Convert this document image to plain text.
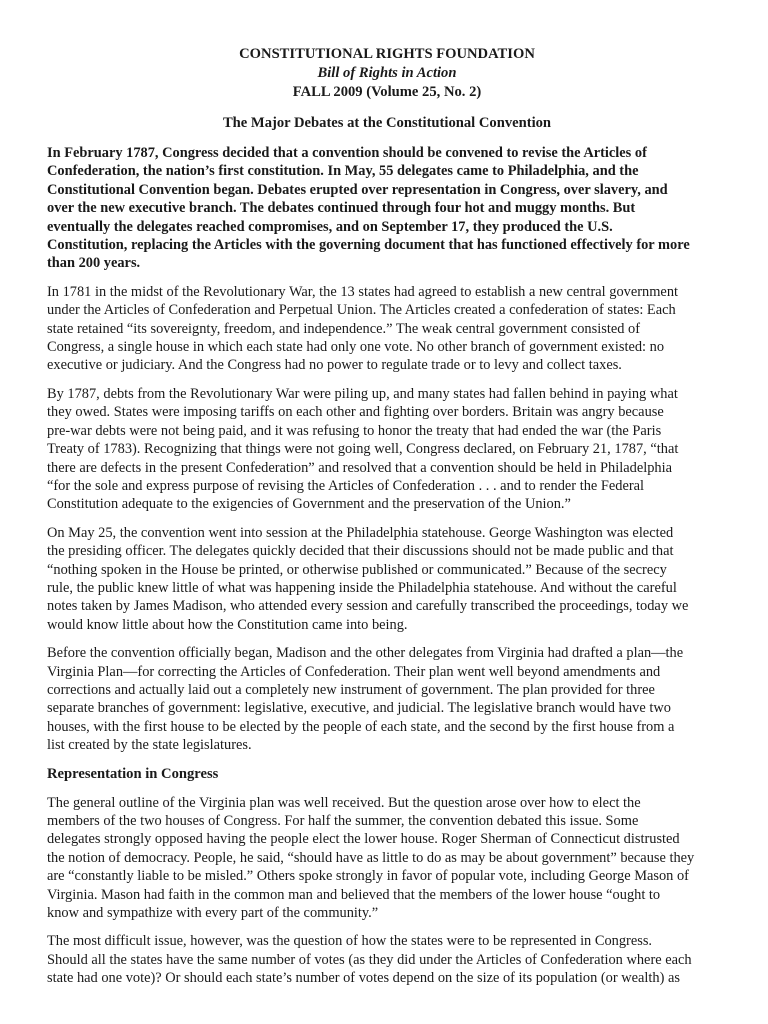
CONSTITUTIONAL RIGHTS FOUNDATION
Bill of Rights in Action
FALL 2009 (Volume 25, No. 2)
The Major Debates at the Constitutional Convention
In February 1787, Congress decided that a convention should be convened to revise the Articles of
Confederation, the nation’s first constitution. In May, 55 delegates came to Philadelphia, and the
Constitutional Convention began. Debates erupted over representation in Congress, over slavery, and
over the new executive branch. The debates continued through four hot and muggy months. But
eventually the delegates reached compromises, and on September 17, they produced the U.S.
Constitution, replacing the Articles with the governing document that has functioned effectively for more
than 200 years.

In 1781 in the midst of the Revolutionary War, the 13 states had agreed to establish a new central government
under the Articles of Confederation and Perpetual Union. The Articles created a confederation of states: Each
state retained “its sovereignty, freedom, and independence.” The weak central government consisted of
Congress, a single house in which each state had only one vote. No other branch of government existed: no
executive or judiciary. And the Congress had no power to regulate trade or to levy and collect taxes.

By 1787, debts from the Revolutionary War were piling up, and many states had fallen behind in paying what
they owed. States were imposing tariffs on each other and fighting over borders. Britain was angry because
pre-war debts were not being paid, and it was refusing to honor the treaty that had ended the war (the Paris
Treaty of 1783). Recognizing that things were not going well, Congress declared, on February 21, 1787, “that
there are defects in the present Confederation” and resolved that a convention should be held in Philadelphia
“for the sole and express purpose of revising the Articles of Confederation . . . and to render the Federal
Constitution adequate to the exigencies of Government and the preservation of the Union.”

On May 25, the convention went into session at the Philadelphia statehouse. George Washington was elected
the presiding officer. The delegates quickly decided that their discussions should not be made public and that
“nothing spoken in the House be printed, or otherwise published or communicated.” Because of the secrecy
rule, the public knew little of what was happening inside the Philadelphia statehouse. And without the careful
notes taken by James Madison, who attended every session and carefully transcribed the proceedings, today we
would know little about how the Constitution came into being.

Before the convention officially began, Madison and the other delegates from Virginia had drafted a plan—the
Virginia Plan—for correcting the Articles of Confederation. Their plan went well beyond amendments and
corrections and actually laid out a completely new instrument of government. The plan provided for three
separate branches of government: legislative, executive, and judicial. The legislative branch would have two
houses, with the first house to be elected by the people of each state, and the second by the first house from a
list created by the state legislatures.

Representation in Congress

The general outline of the Virginia plan was well received. But the question arose over how to elect the
members of the two houses of Congress. For half the summer, the convention debated this issue. Some
delegates strongly opposed having the people elect the lower house. Roger Sherman of Connecticut distrusted
the notion of democracy. People, he said, “should have as little to do as may be about government” because they
are “constantly liable to be misled.” Others spoke strongly in favor of popular vote, including George Mason of
Virginia. Mason had faith in the common man and believed that the members of the lower house “ought to
know and sympathize with every part of the community.”

The most difficult issue, however, was the question of how the states were to be represented in Congress.
Should all the states have the same number of votes (as they did under the Articles of Confederation where each
state had one vote)? Or should each state’s number of votes depend on the size of its population (or wealth) as
